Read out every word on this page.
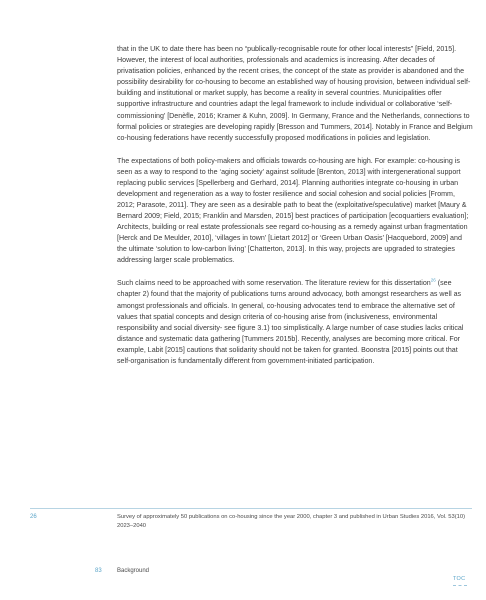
that in the UK to date there has been no “publically-recognisable route for other local interests” [Field, 2015]. However, the interest of local authorities, professionals and academics is increasing. After decades of privatisation policies, enhanced by the recent crises, the concept of the state as provider is abandoned and the possibility desirability for co-housing to become an established way of housing provision, between individual self-building and institutional or market supply, has become a reality in several countries. Municipalities offer supportive infrastructure and countries adapt the legal framework to include individual or collaborative ‘self-commissioning’ [Denèfle, 2016; Kramer & Kuhn, 2009]. In Germany, France and the Netherlands, connections to formal policies or strategies are developing rapidly [Bresson and Tummers, 2014]. Notably in France and Belgium co-housing federations have recently successfully proposed modifications in policies and legislation.

The expectations of both policy-makers and officials towards co-housing are high. For example: co-housing is seen as a way to respond to the ‘aging society’ against solitude [Brenton, 2013] with intergenerational support replacing public services [Spellerberg and Gerhard, 2014]. Planning authorities integrate co-housing in urban development and regeneration as a way to foster resilience and social cohesion and social policies [Fromm, 2012; Parasote, 2011]. They are seen as a desirable path to beat the (exploitative/speculative) market [Maury & Bernard 2009; Field, 2015; Franklin and Marsden, 2015] best practices of participation [ecoquartiers evaluation]; Architects, building or real estate professionals see regard co-housing as a remedy against urban fragmentation [Herck and De Meulder, 2010], ‘villages in town’ [Lietart 2012] or ‘Green Urban Oasis’ [Hacquebord, 2009] and the ultimate ‘solution to low-carbon living’ [Chatterton, 2013]. In this way, projects are upgraded to strategies addressing larger scale problematics.

Such claims need to be approached with some reservation. The literature review for this dissertation$^{26}$ (see chapter 2) found that the majority of publications turns around advocacy, both amongst researchers as well as amongst professionals and officials. In general, co-housing advocates tend to embrace the alternative set of values that spatial concepts and design criteria of co-housing arise from (inclusiveness, environmental responsibility and social diversity- see figure 3.1) too simplistically. A large number of case studies lacks critical distance and systematic data gathering [Tummers 2015b]. Recently, analyses are becoming more critical. For example, Labit [2015] cautions that solidarity should not be taken for granted. Boonstra [2015] points out that self-organisation is fundamentally different from government-initiated participation.

26	Survey of approximately 50 publications on co-housing since the year 2000, chapter 3 and published in Urban Studies 2016, Vol. 53(10) 2023–2040

83	Background
TOC
